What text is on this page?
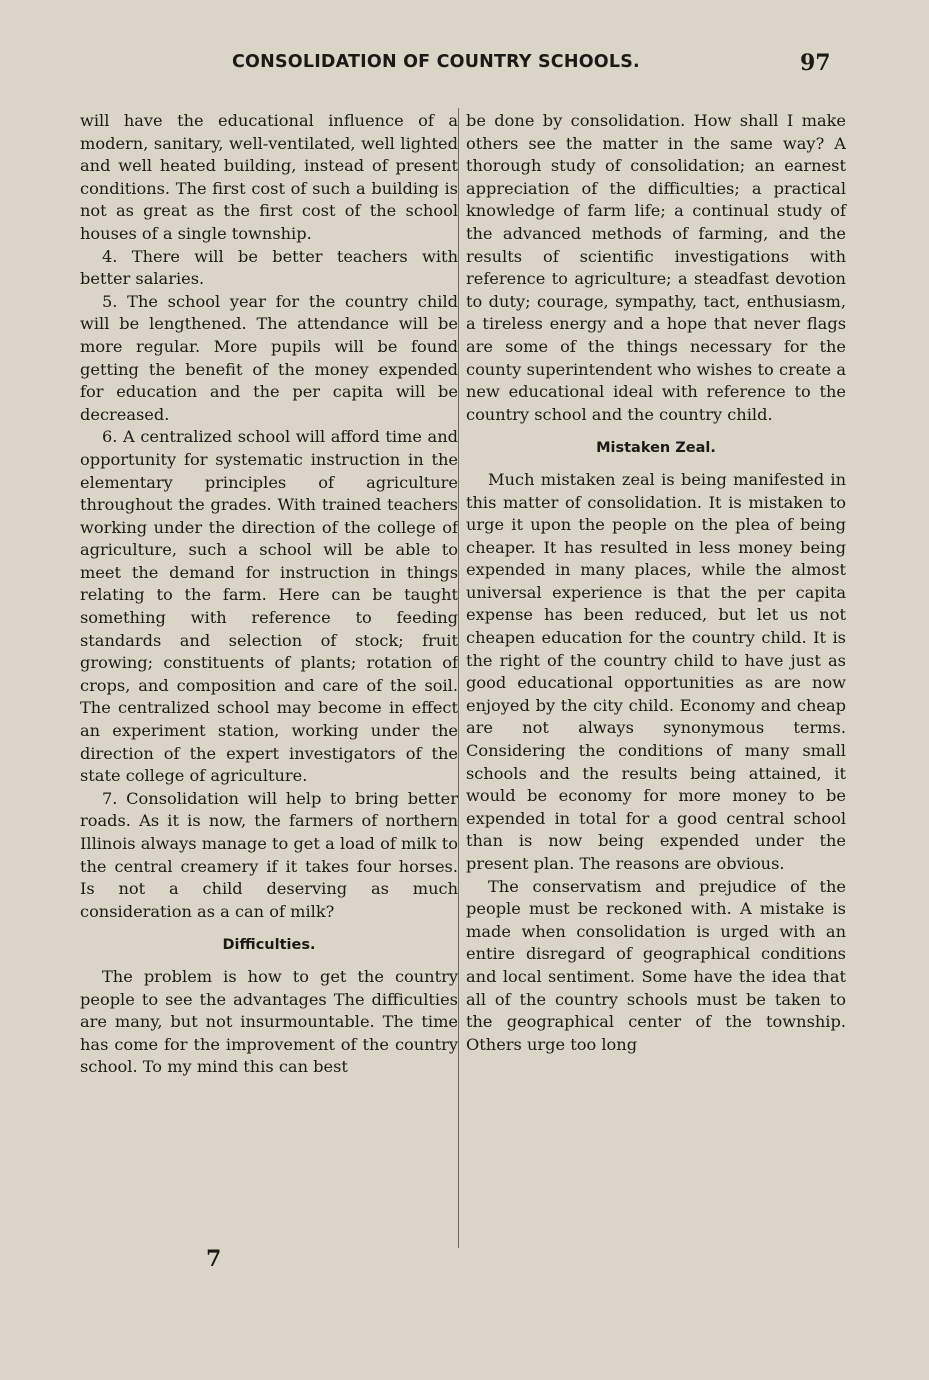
CONSOLIDATION OF COUNTRY SCHOOLS.	97

will have the educational influence of a modern, sanitary, well-ventilated, well lighted and well heated building, instead of present conditions. The first cost of such a building is not as great as the first cost of the school houses of a single township.

4. There will be better teachers with better salaries.

5. The school year for the country child will be lengthened. The attendance will be more regular. More pupils will be found getting the benefit of the money expended for education and the per capita will be decreased.

6. A centralized school will afford time and opportunity for systematic instruction in the elementary principles of agriculture throughout the grades. With trained teachers working under the direction of the college of agriculture, such a school will be able to meet the demand for instruction in things relating to the farm. Here can be taught something with reference to feeding standards and selection of stock; fruit growing; constituents of plants; rotation of crops, and composition and care of the soil. The centralized school may become in effect an experiment station, working under the direction of the expert investigators of the state college of agriculture.

7. Consolidation will help to bring better roads. As it is now, the farmers of northern Illinois always manage to get a load of milk to the central creamery if it takes four horses. Is not a child deserving as much consideration as a can of milk?

Difficulties.

The problem is how to get the country people to see the advantages The difficulties are many, but not insurmountable. The time has come for the improvement of the country school. To my mind this can best

be done by consolidation. How shall I make others see the matter in the same way? A thorough study of consolidation; an earnest appreciation of the difficulties; a practical knowledge of farm life; a continual study of the advanced methods of farming, and the results of scientific investigations with reference to agriculture; a steadfast devotion to duty; courage, sympathy, tact, enthusiasm, a tireless energy and a hope that never flags are some of the things necessary for the county superintendent who wishes to create a new educational ideal with reference to the country school and the country child.

Mistaken Zeal.

Much mistaken zeal is being manifested in this matter of consolidation. It is mistaken to urge it upon the people on the plea of being cheaper. It has resulted in less money being expended in many places, while the almost universal experience is that the per capita expense has been reduced, but let us not cheapen education for the country child. It is the right of the country child to have just as good educational opportunities as are now enjoyed by the city child. Economy and cheap are not always synonymous terms. Considering the conditions of many small schools and the results being attained, it would be economy for more money to be expended in total for a good central school than is now being expended under the present plan. The reasons are obvious.

The conservatism and prejudice of the people must be reckoned with. A mistake is made when consolidation is urged with an entire disregard of geographical conditions and local sentiment. Some have the idea that all of the country schools must be taken to the geographical center of the township. Others urge too long

7
